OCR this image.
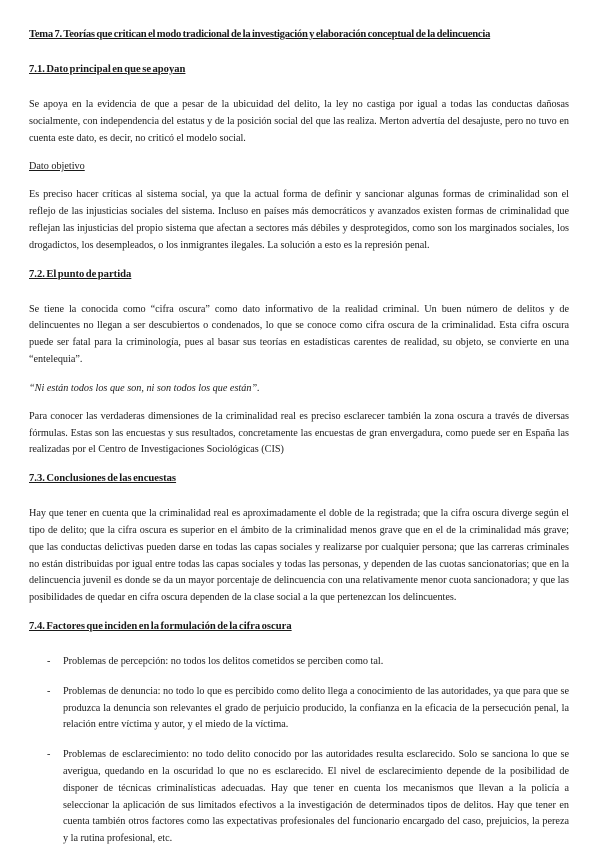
Tema 7. Teorías que critican el modo tradicional de la investigación y elaboración conceptual de la delincuencia
7.1. Dato principal en que se apoyan

Se apoya en la evidencia de que a pesar de la ubicuidad del delito, la ley no castiga por igual a todas las conductas dañosas socialmente, con independencia del estatus y de la posición social del que las realiza. Merton advertía del desajuste, pero no tuvo en cuenta este dato, es decir, no criticó el modelo social.

Dato objetivo

Es preciso hacer críticas al sistema social, ya que la actual forma de definir y sancionar algunas formas de criminalidad son el reflejo de las injusticias sociales del sistema. Incluso en países más democráticos y avanzados existen formas de criminalidad que reflejan las injusticias del propio sistema que afectan a sectores más débiles y desprotegidos, como son los marginados sociales, los drogadictos, los desempleados, o los inmigrantes ilegales. La solución a esto es la represión penal.

7.2. El punto de partida

Se tiene la conocida como “cifra oscura” como dato informativo de la realidad criminal. Un buen número de delitos y de delincuentes no llegan a ser descubiertos o condenados, lo que se conoce como cifra oscura de la criminalidad. Esta cifra oscura puede ser fatal para la criminología, pues al basar sus teorías en estadísticas carentes de realidad, su objeto, se convierte en una “entelequia”.

“Ni están todos los que son, ni son todos los que están”.

Para conocer las verdaderas dimensiones de la criminalidad real es preciso esclarecer también la zona oscura a través de diversas fórmulas. Estas son las encuestas y sus resultados, concretamente las encuestas de gran envergadura, como puede ser en España las realizadas por el Centro de Investigaciones Sociológicas (CIS)

7.3. Conclusiones de las encuestas

Hay que tener en cuenta que la criminalidad real es aproximadamente el doble de la registrada; que la cifra oscura diverge según el tipo de delito; que la cifra oscura es superior en el ámbito de la criminalidad menos grave que en el de la criminalidad más grave; que las conductas delictivas pueden darse en todas las capas sociales y realizarse por cualquier persona; que las carreras criminales no están distribuidas por igual entre todas las capas sociales y todas las personas, y dependen de las cuotas sancionatorias; que en la delincuencia juvenil es donde se da un mayor porcentaje de delincuencia con una relativamente menor cuota sancionadora; y que las posibilidades de quedar en cifra oscura dependen de la clase social a la que pertenezcan los delincuentes.

7.4. Factores que inciden en la formulación de la cifra oscura
- Problemas de percepción: no todos los delitos cometidos se perciben como tal.
- Problemas de denuncia: no todo lo que es percibido como delito llega a conocimiento de las autoridades, ya que para que se produzca la denuncia son relevantes el grado de perjuicio producido, la confianza en la eficacia de la persecución penal, la relación entre víctima y autor, y el miedo de la víctima.
- Problemas de esclarecimiento: no todo delito conocido por las autoridades resulta esclarecido. Solo se sanciona lo que se averigua, quedando en la oscuridad lo que no es esclarecido. El nivel de esclarecimiento depende de la posibilidad de disponer de técnicas criminalísticas adecuadas. Hay que tener en cuenta los mecanismos que llevan a la policía a seleccionar la aplicación de sus limitados efectivos a la investigación de determinados tipos de delitos. Hay que tener en cuenta también otros factores como las expectativas profesionales del funcionario encargado del caso, prejuicios, la pereza y la rutina profesional, etc.
